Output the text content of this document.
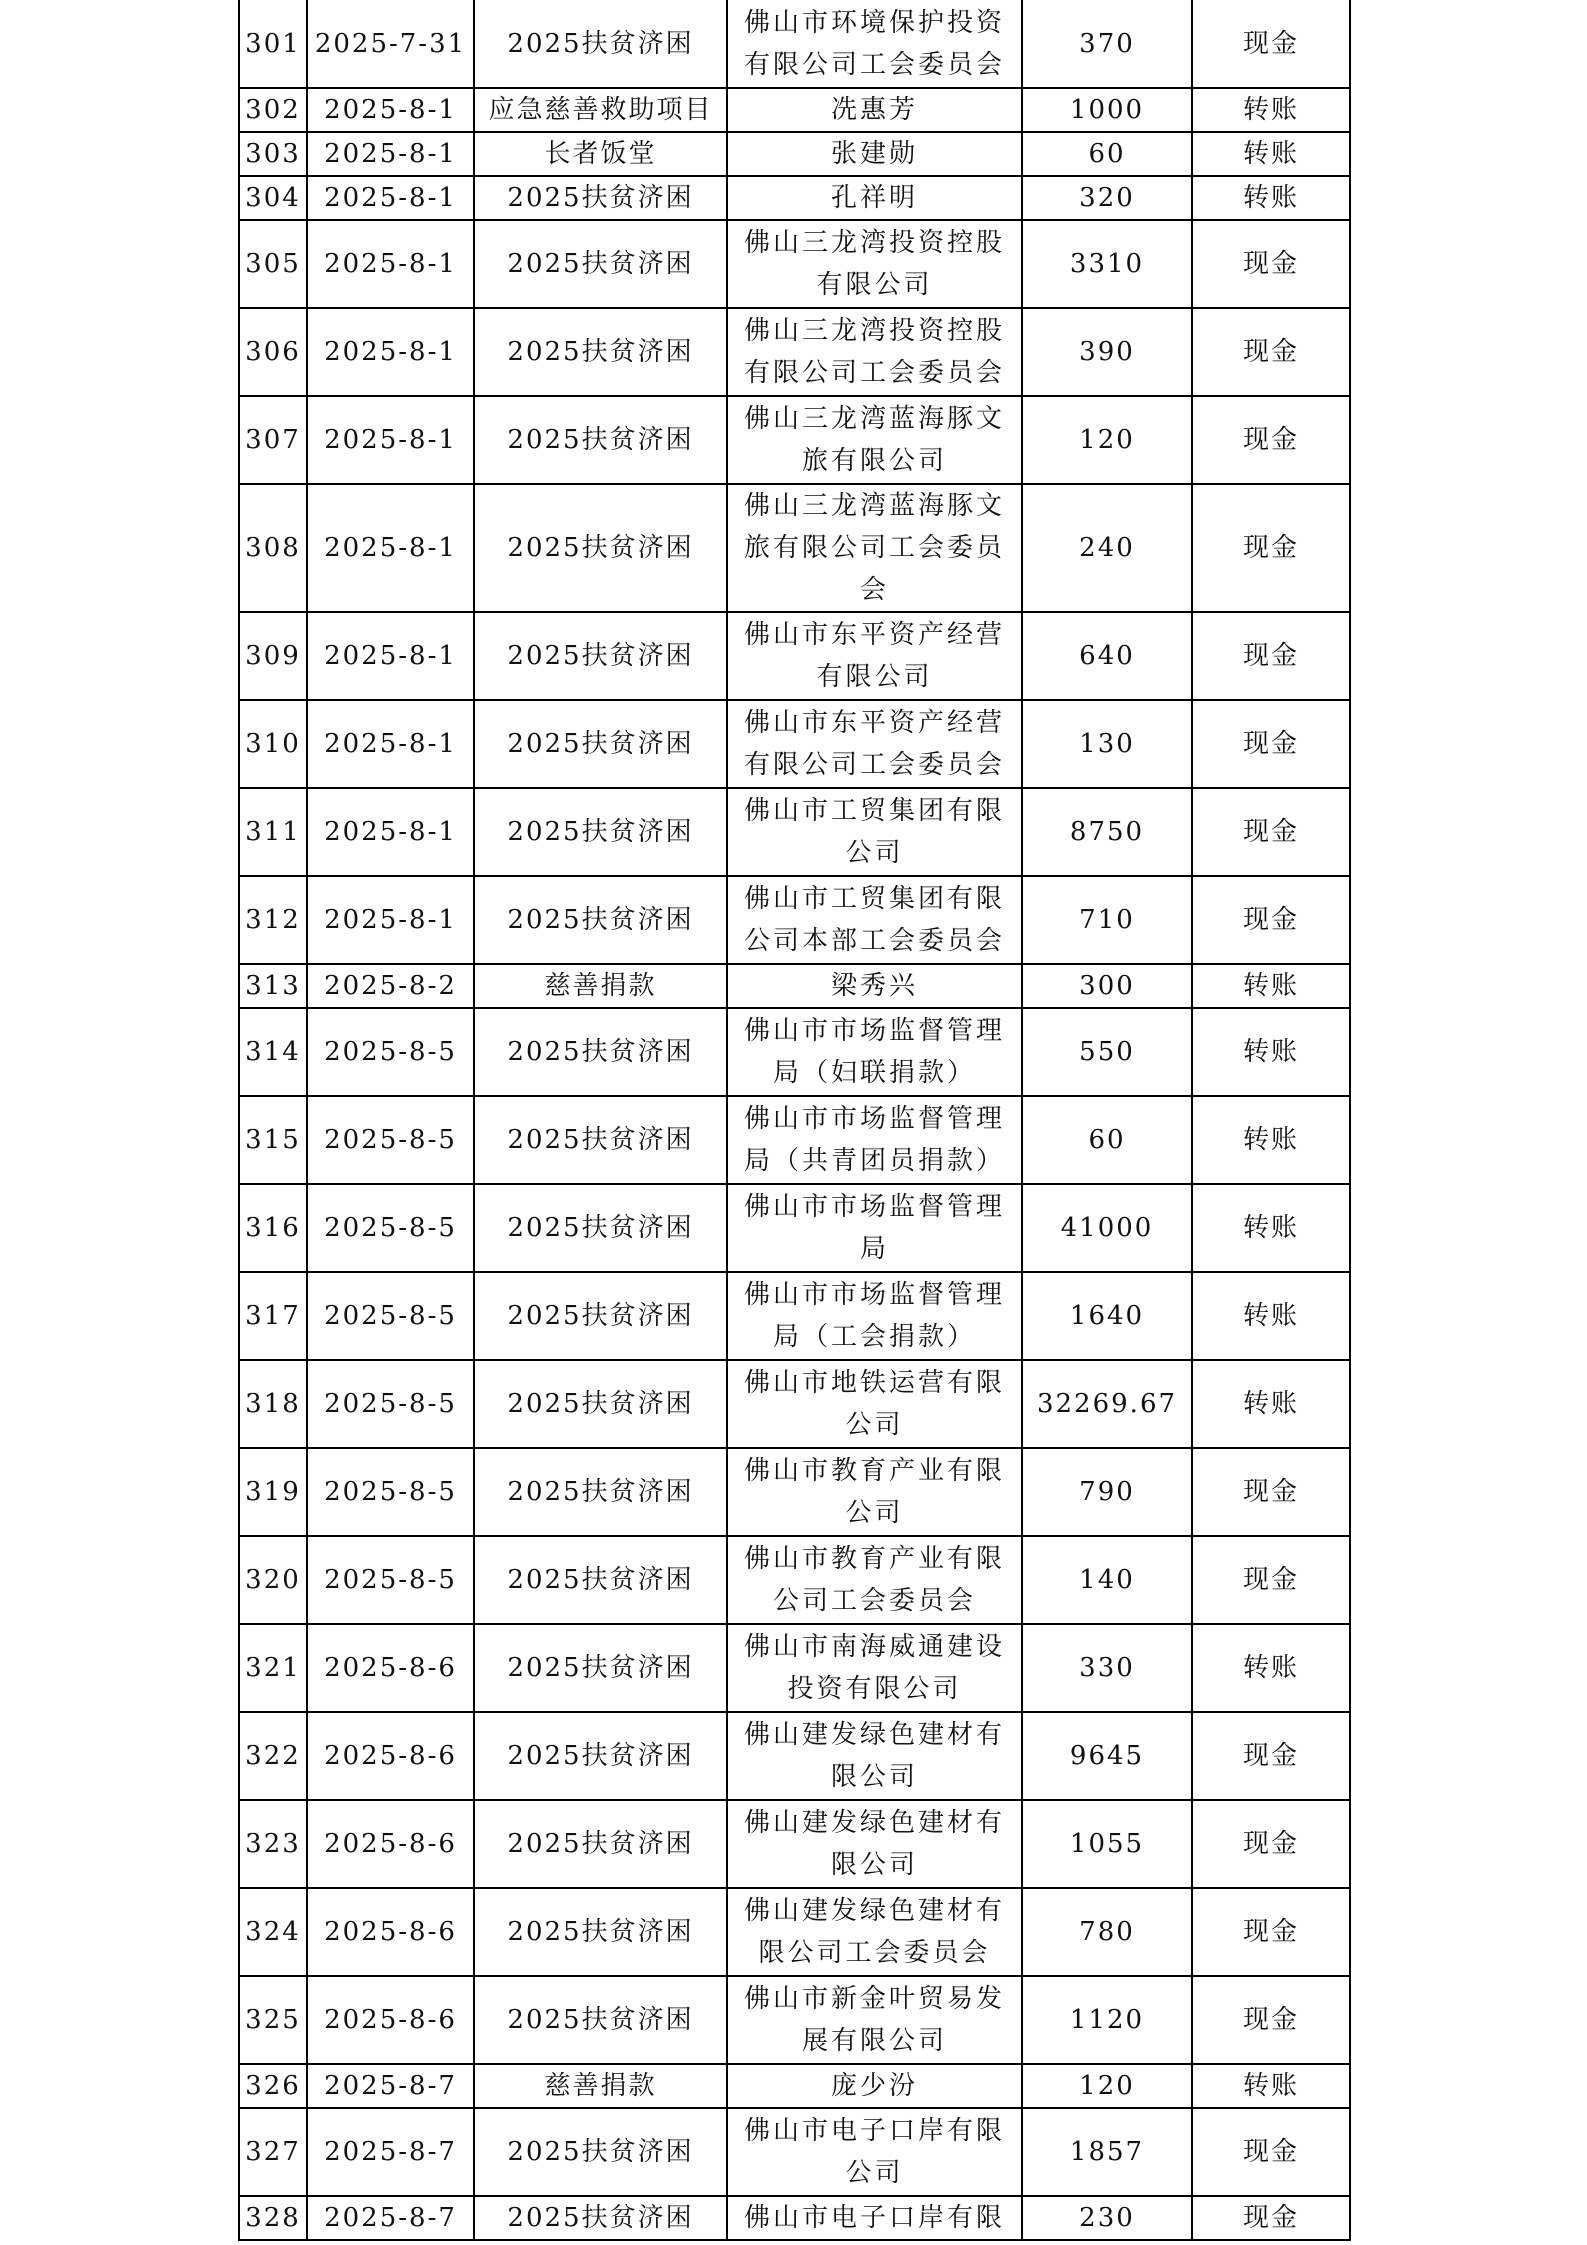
301	2025-7-31	2025扶贫济困	佛山市环境保护投资有限公司工会委员会	370	现金
302	2025-8-1	应急慈善救助项目	冼惠芳	1000	转账
303	2025-8-1	长者饭堂	张建勋	60	转账
304	2025-8-1	2025扶贫济困	孔祥明	320	转账
305	2025-8-1	2025扶贫济困	佛山三龙湾投资控股有限公司	3310	现金
306	2025-8-1	2025扶贫济困	佛山三龙湾投资控股有限公司工会委员会	390	现金
307	2025-8-1	2025扶贫济困	佛山三龙湾蓝海豚文旅有限公司	120	现金
308	2025-8-1	2025扶贫济困	佛山三龙湾蓝海豚文旅有限公司工会委员会	240	现金
309	2025-8-1	2025扶贫济困	佛山市东平资产经营有限公司	640	现金
310	2025-8-1	2025扶贫济困	佛山市东平资产经营有限公司工会委员会	130	现金
311	2025-8-1	2025扶贫济困	佛山市工贸集团有限公司	8750	现金
312	2025-8-1	2025扶贫济困	佛山市工贸集团有限公司本部工会委员会	710	现金
313	2025-8-2	慈善捐款	梁秀兴	300	转账
314	2025-8-5	2025扶贫济困	佛山市市场监督管理局（妇联捐款）	550	转账
315	2025-8-5	2025扶贫济困	佛山市市场监督管理局（共青团员捐款）	60	转账
316	2025-8-5	2025扶贫济困	佛山市市场监督管理局	41000	转账
317	2025-8-5	2025扶贫济困	佛山市市场监督管理局（工会捐款）	1640	转账
318	2025-8-5	2025扶贫济困	佛山市地铁运营有限公司	32269.67	转账
319	2025-8-5	2025扶贫济困	佛山市教育产业有限公司	790	现金
320	2025-8-5	2025扶贫济困	佛山市教育产业有限公司工会委员会	140	现金
321	2025-8-6	2025扶贫济困	佛山市南海威通建设投资有限公司	330	转账
322	2025-8-6	2025扶贫济困	佛山建发绿色建材有限公司	9645	现金
323	2025-8-6	2025扶贫济困	佛山建发绿色建材有限公司	1055	现金
324	2025-8-6	2025扶贫济困	佛山建发绿色建材有限公司工会委员会	780	现金
325	2025-8-6	2025扶贫济困	佛山市新金叶贸易发展有限公司	1120	现金
326	2025-8-7	慈善捐款	庞少汾	120	转账
327	2025-8-7	2025扶贫济困	佛山市电子口岸有限公司	1857	现金
328	2025-8-7	2025扶贫济困	佛山市电子口岸有限	230	现金
